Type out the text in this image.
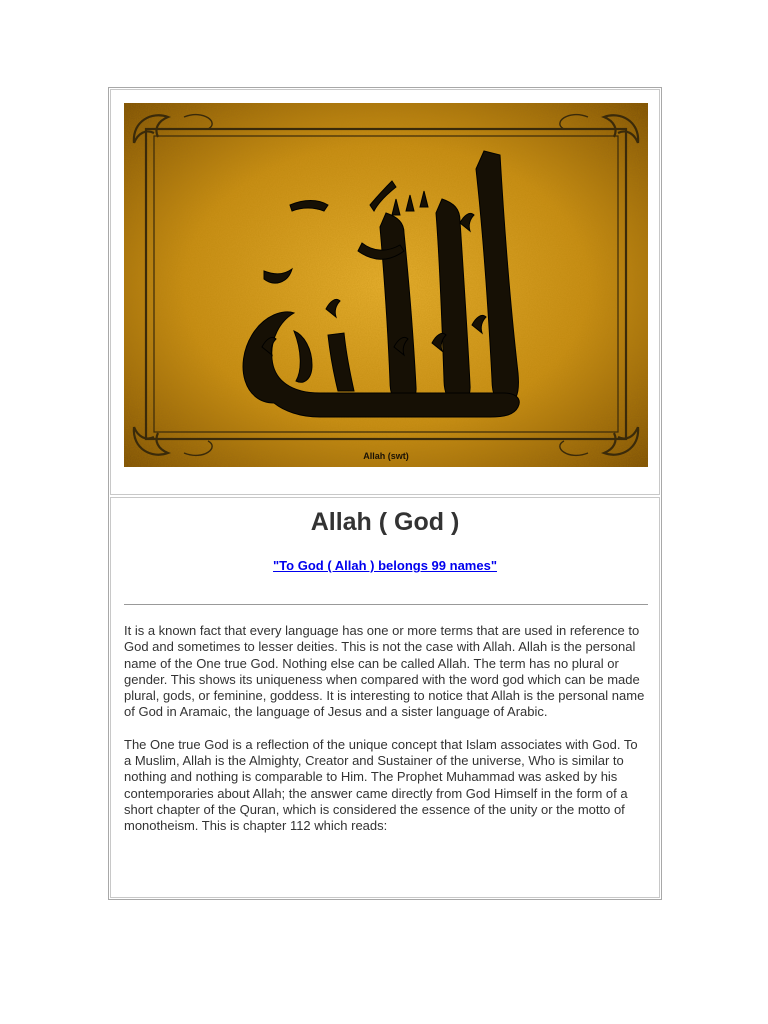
Allah (swt)
Allah ( God )
"To God ( Allah ) belongs 99 names"

It is a known fact that every language has one or more terms that are used in reference to God and sometimes to lesser deities. This is not the case with Allah. Allah is the personal name of the One true God. Nothing else can be called Allah. The term has no plural or gender. This shows its uniqueness when compared with the word god which can be made plural, gods, or feminine, goddess. It is interesting to notice that Allah is the personal name of God in Aramaic, the language of Jesus and a sister language of Arabic.

The One true God is a reflection of the unique concept that Islam associates with God. To a Muslim, Allah is the Almighty, Creator and Sustainer of the universe, Who is similar to nothing and nothing is comparable to Him. The Prophet Muhammad was asked by his contemporaries about Allah; the answer came directly from God Himself in the form of a short chapter of the Quran, which is considered the essence of the unity or the motto of monotheism. This is chapter 112 which reads:
